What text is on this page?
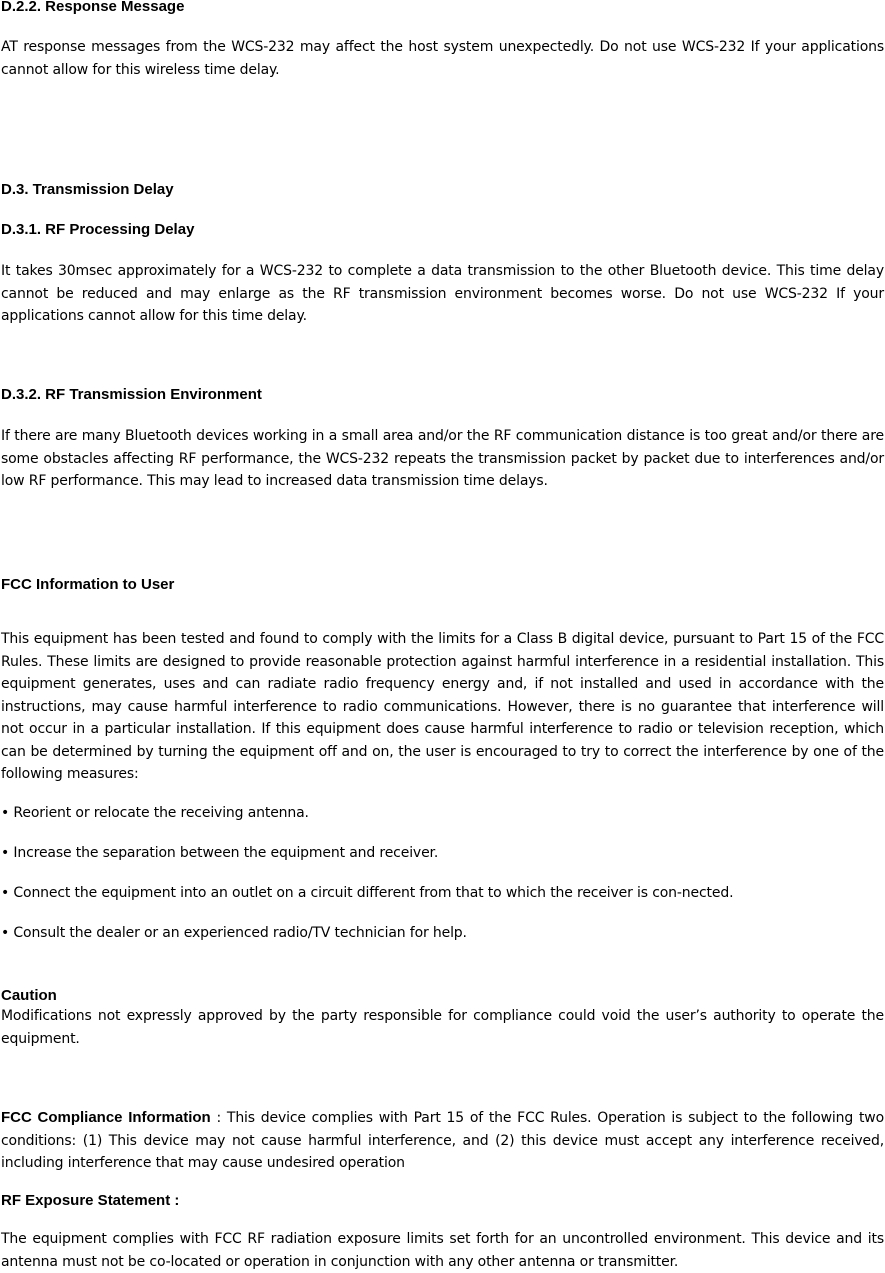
D.2.2. Response Message
AT response messages from the WCS-232 may affect the host system unexpectedly. Do not use WCS-232 If your applications cannot allow for this wireless time delay.
D.3. Transmission Delay
D.3.1. RF Processing Delay
It takes 30msec approximately for a WCS-232 to complete a data transmission to the other Bluetooth device. This time delay cannot be reduced and may enlarge as the RF transmission environment becomes worse. Do not use WCS-232 If your applications cannot allow for this time delay.
D.3.2. RF Transmission Environment
If there are many Bluetooth devices working in a small area and/or the RF communication distance is too great and/or there are some obstacles affecting RF performance, the WCS-232 repeats the transmission packet by packet due to interferences and/or low RF performance. This may lead to increased data transmission time delays.
FCC Information to User
This equipment has been tested and found to comply with the limits for a Class B digital device, pursuant to Part 15 of the FCC Rules. These limits are designed to provide reasonable protection against harmful interference in a residential installation. This equipment generates, uses and can radiate radio frequency energy and, if not installed and used in accordance with the instructions, may cause harmful interference to radio communications. However, there is no guarantee that interference will not occur in a particular installation. If this equipment does cause harmful interference to radio or television reception, which can be determined by turning the equipment off and on, the user is encouraged to try to correct the interference by one of the following measures:
• Reorient or relocate the receiving antenna.
• Increase the separation between the equipment and receiver.
• Connect the equipment into an outlet on a circuit different from that to which the receiver is con-nected.
• Consult the dealer or an experienced radio/TV technician for help.
Caution
Modifications not expressly approved by the party responsible for compliance could void the user’s authority to operate the equipment.
FCC Compliance Information : This device complies with Part 15 of the FCC Rules. Operation is subject to the following two conditions: (1) This device may not cause harmful interference, and (2) this device must accept any interference received, including interference that may cause undesired operation
RF Exposure Statement :
The equipment complies with FCC RF radiation exposure limits set forth for an uncontrolled environment. This device and its antenna must not be co-located or operation in conjunction with any other antenna or transmitter.
